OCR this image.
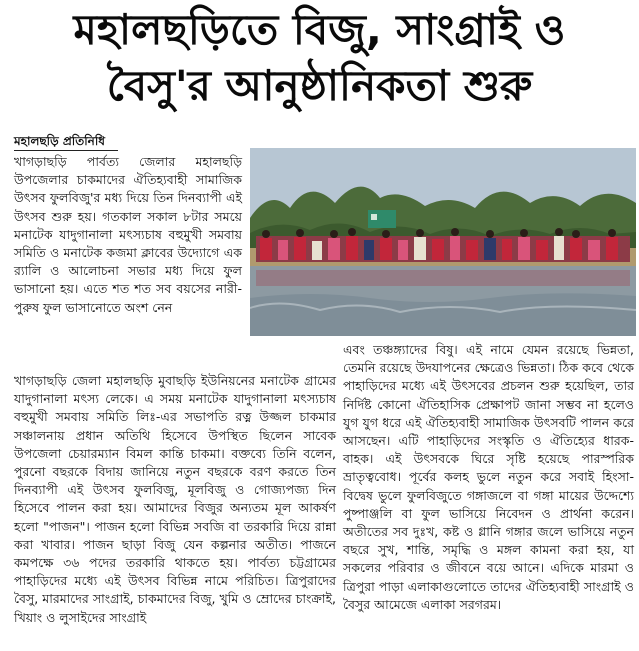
মহালছড়িতে বিজু, সাংগ্রাই ও
বৈসু'র আনুষ্ঠানিকতা শুরু
মহালছড়ি প্রতিনিধি

খাগড়াছড়ি পার্বত্য জেলার মহালছড়ি উপজেলার চাকমাদের ঐতিহ্যবাহী সামাজিক উৎসব ফুলবিজু'র মধ্য দিয়ে তিন দিনব্যাপী এই উৎসব শুরু হয়। গতকাল সকাল ৮টার সময়ে মনাটেক যাদুগানালা মৎস্যচাষ বহুমুখী সমবায় সমিতি ও মনাটেক কজমা ক্লাবের উদ্যোগে এক র‍্যালি ও আলোচনা সভার মধ্য দিয়ে ফুল ভাসানো হয়। এতে শত শত সব বয়সের নারী-পুরুষ ফুল ভাসানোতে অংশ নেন

খাগড়াছড়ি জেলা মহালছড়ি মুবাছড়ি ইউনিয়নের মনাটেক গ্রামের যাদুগানালা মৎস্য লেকে। এ সময় মনাটেক যাদুগানালা মৎস্যচাষ বহুমুখী সমবায় সমিতি লিঃ-এর সভাপতি রত্ন উজ্জল চাকমার সঞ্চালনায় প্রধান অতিথি হিসেবে উপস্থিত ছিলেন সাবেক উপজেলা চেয়ারম্যান বিমল কান্তি চাকমা। বক্তব্যে তিনি বলেন, পুরনো বছরকে বিদায় জানিয়ে নতুন বছরকে বরণ করতে তিন দিনব্যাপী এই উৎসব ফুলবিজু, মূলবিজু ও গোজ্যপজ্য দিন হিসেবে পালন করা হয়। আমাদের বিজুর অন্যতম মূল আকর্ষণ হলো "পাজন"। পাজন হলো বিভিন্ন সবজি বা তরকারি দিয়ে রান্না করা খাবার। পাজন ছাড়া বিজু যেন কল্পনার অতীত। পাজনে কমপক্ষে ৩৬ পদের তরকারি থাকতে হয়। পার্বত্য চট্টগ্রামের পাহাড়িদের মধ্যে এই উৎসব বিভিন্ন নামে পরিচিত। ত্রিপুরাদের বৈসু, মারমাদের সাংগ্রাই, চাকমাদের বিজু, খুমি ও ম্রোদের চাংক্রাই, খিয়াং ও লুসাইদের সাংগ্রাই

এবং তঞ্চঙ্গ্যাদের বিষু। এই নামে যেমন রয়েছে ভিন্নতা, তেমনি রয়েছে উদযাপনের ক্ষেত্রেও ভিন্নতা। ঠিক কবে থেকে পাহাড়িদের মধ্যে এই উৎসবের প্রচলন শুরু হয়েছিল, তার নির্দিষ্ট কোনো ঐতিহাসিক প্রেক্ষাপট জানা সম্ভব না হলেও যুগ যুগ ধরে এই ঐতিহ্যবাহী সামাজিক উৎসবটি পালন করে আসছেন। এটি পাহাড়িদের সংস্কৃতি ও ঐতিহ্যের ধারক-বাহক। এই উৎসবকে ঘিরে সৃষ্টি হয়েছে পারস্পরিক ভ্রাতৃত্ববোধ। পূর্বের কলহ ভুলে নতুন করে সবাই হিংসা-বিদ্বেষ ভুলে ফুলবিজুতে গঙ্গাজলে বা গঙ্গা মায়ের উদ্দেশ্যে পুষ্পাঞ্জলি বা ফুল ভাসিয়ে নিবেদন ও প্রার্থনা করেন। অতীতের সব দুঃখ, কষ্ট ও গ্লানি গঙ্গার জলে ভাসিয়ে নতুন বছরে সুখ, শান্তি, সমৃদ্ধি ও মঙ্গল কামনা করা হয়, যা সকলের পরিবার ও জীবনে বয়ে আনে। এদিকে মারমা ও ত্রিপুরা পাড়া এলাকাগুলোতে তাদের ঐতিহ্যবাহী সাংগ্রাই ও বৈসুর আমেজে এলাকা সরগরম।
